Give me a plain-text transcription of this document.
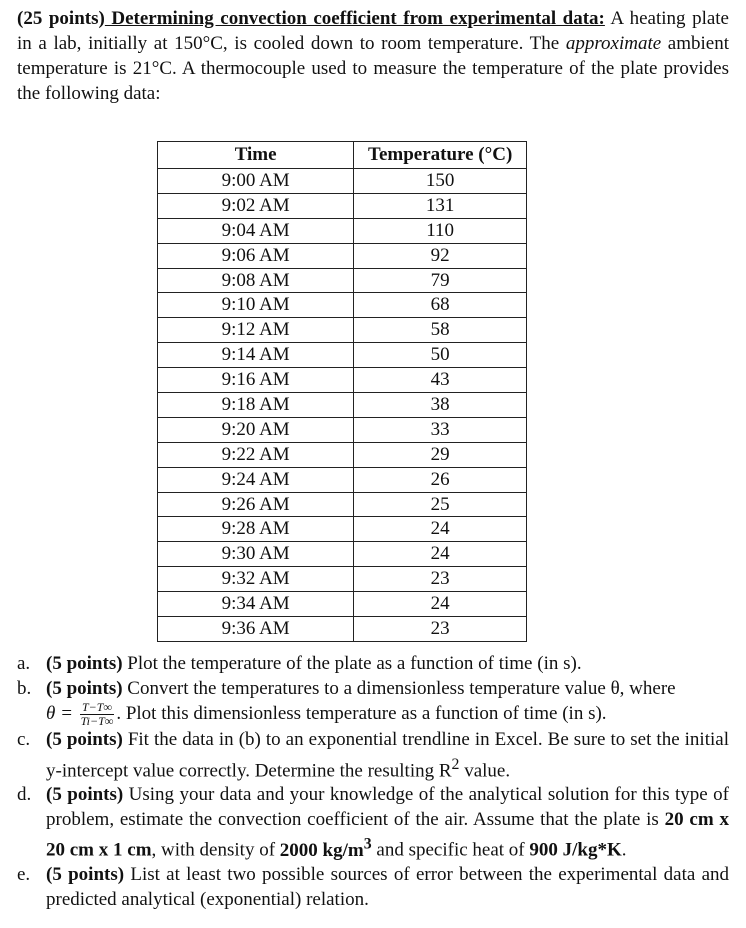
(25 points) Determining convection coefficient from experimental data: A heating plate in a lab, initially at 150°C, is cooled down to room temperature. The approximate ambient temperature is 21°C. A thermocouple used to measure the temperature of the plate provides the following data:
Time	Temperature (°C)
9:00 AM	150
9:02 AM	131
9:04 AM	110
9:06 AM	92
9:08 AM	79
9:10 AM	68
9:12 AM	58
9:14 AM	50
9:16 AM	43
9:18 AM	38
9:20 AM	33
9:22 AM	29
9:24 AM	26
9:26 AM	25
9:28 AM	24
9:30 AM	24
9:32 AM	23
9:34 AM	24
9:36 AM	23
a. (5 points) Plot the temperature of the plate as a function of time (in s).
b. (5 points) Convert the temperatures to a dimensionless temperature value θ, where
$\theta = \frac{T-T\infty}{Ti-T\infty}$ . Plot this dimensionless temperature as a function of time (in s).
c. (5 points) Fit the data in (b) to an exponential trendline in Excel. Be sure to set the initial y-intercept value correctly. Determine the resulting $R^2$ value.
d. (5 points) Using your data and your knowledge of the analytical solution for this type of problem, estimate the convection coefficient of the air. Assume that the plate is 20 cm x 20 cm x 1 cm, with density of 2000 $kg/m^3$ and specific heat of 900 J/kg*K.
e. (5 points) List at least two possible sources of error between the experimental data and predicted analytical (exponential) relation.
